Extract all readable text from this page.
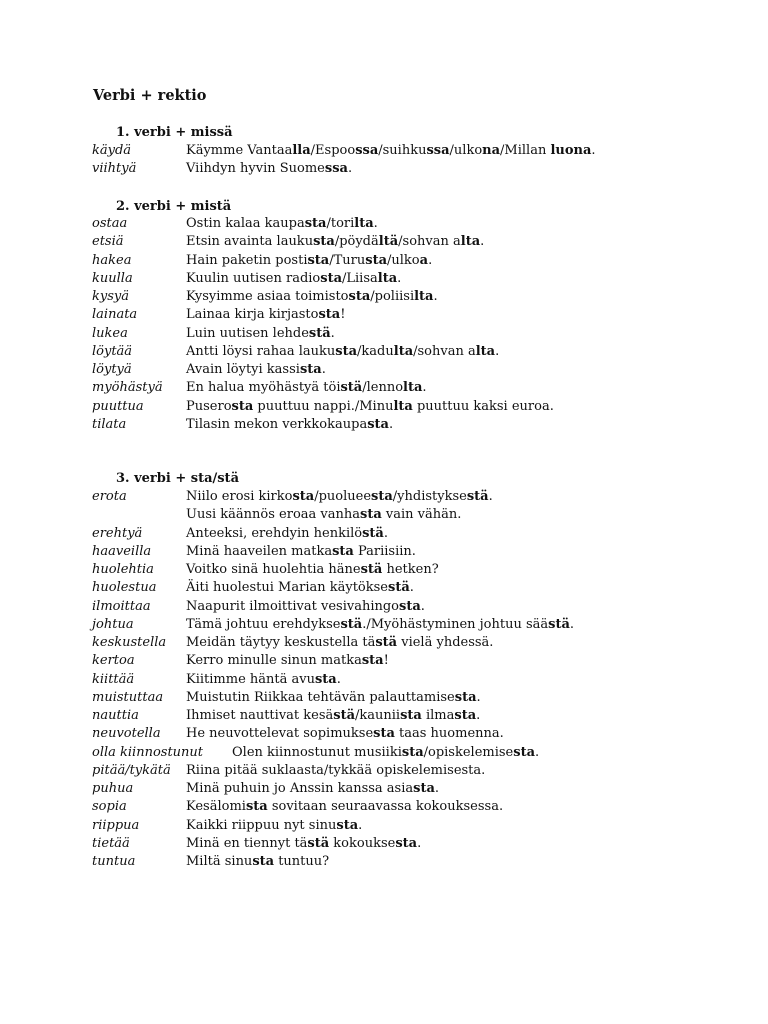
Verbi + rektio
1. verbi + missä
käydä	Käymme Vantaalla/Espoossa/suihkussa/ulkona/Millan luona.
viihtyä	Viihdyn hyvin Suomessa.
2. verbi + mistä
ostaa	Ostin kalaa kaupasta/torilta.
etsiä	Etsin avainta laukusta/pöydältä/sohvan alta.
hakea	Hain paketin postista/Turusta/ulkoa.
kuulla	Kuulin uutisen radiosta/Liisalta.
kysyä	Kysyimme asiaa toimistosta/poliisilta.
lainata	Lainaa kirja kirjastosta!
lukea	Luin uutisen lehdestä.
löytää	Antti löysi rahaa laukusta/kadulta/sohvan alta.
löytyä	Avain löytyi kassista.
myöhästyä En halua myöhästyä töistä/lennolta.
puuttua	Puserosta puuttuu nappi./Minulta puuttuu kaksi euroa.
tilata	Tilasin mekon verkkokaupasta.
3. verbi + sta/stä
erota	Niilo erosi kirkosta/puolueesta/yhdistyksestä.
Uusi käännös eroaa vanhasta vain vähän.
erehtyä	Anteeksi, erehdyin henkilöstä.
haaveilla	Minä haaveilen matkasta Pariisiin.
huolehtia Voitko sinä huolehtia hänеstä hetken?
huolestua Äiti huolestui Marian käytöksestä.
ilmoittaa	Naapurit ilmoittivat vesivahingosta.
johtua	Tämä johtuu erehdyksestä./Myöhästyminen johtuu säästä.
keskustella Meidän täytyy keskustella tästä vielä yhdessä.
kertoa	Kerro minulle sinun matkasta!
kiittää	Kiitimme häntä avusta.
muistuttaa Muistutin Riikkaa tehtävän palauttamisesta.
nauttia	Ihmiset nauttivat kesästä/kauniista ilmasta.
neuvotella He neuvottelevat sopimuksesta taas huomenna.
olla kiinnostunut Olen kiinnostunut musiikista/opiskelemisesta.
pitää/tykätä Riina pitää suklaasta/tykkää opiskelemisesta.
puhua	Minä puhuin jo Anssin kanssa asiasta.
sopia	Kesälomista sovitaan seuraavassa kokouksessa.
riippua	Kaikki riippuu nyt sinusta.
tietää	Minä en tiennyt tästä kokouksesta.
tuntua	Miltä sinusta tuntuu?
